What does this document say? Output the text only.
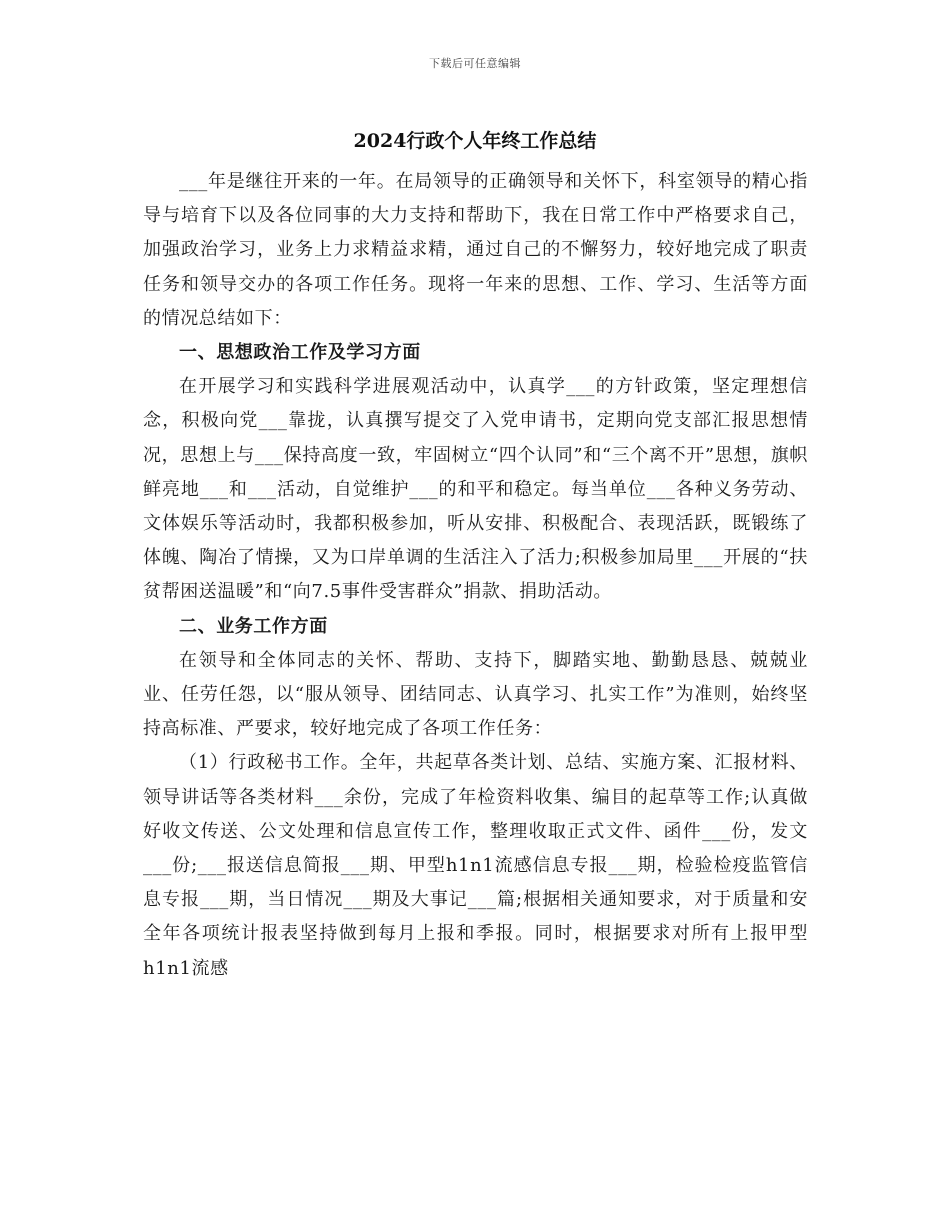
下载后可任意编辑
2024行政个人年终工作总结

___年是继往开来的一年。在局领导的正确领导和关怀下，科室领导的精心指导与培育下以及各位同事的大力支持和帮助下，我在日常工作中严格要求自己，加强政治学习，业务上力求精益求精，通过自己的不懈努力，较好地完成了职责任务和领导交办的各项工作任务。现将一年来的思想、工作、学习、生活等方面的情况总结如下：

一、思想政治工作及学习方面

在开展学习和实践科学进展观活动中，认真学___的方针政策，坚定理想信念，积极向党___靠拢，认真撰写提交了入党申请书，定期向党支部汇报思想情况，思想上与___保持高度一致，牢固树立“四个认同”和“三个离不开”思想，旗帜鲜亮地___和___活动，自觉维护___的和平和稳定。每当单位___各种义务劳动、文体娱乐等活动时，我都积极参加，听从安排、积极配合、表现活跃，既锻练了体魄、陶冶了情操，又为口岸单调的生活注入了活力;积极参加局里___开展的“扶贫帮困送温暖”和“向7.5事件受害群众”捐款、捐助活动。

二、业务工作方面

在领导和全体同志的关怀、帮助、支持下，脚踏实地、勤勤恳恳、兢兢业业、任劳任怨，以“服从领导、团结同志、认真学习、扎实工作”为准则，始终坚持高标准、严要求，较好地完成了各项工作任务：

（1）行政秘书工作。全年，共起草各类计划、总结、实施方案、汇报材料、领导讲话等各类材料___余份，完成了年检资料收集、编目的起草等工作;认真做好收文传送、公文处理和信息宣传工作，整理收取正式文件、函件___份，发文___份;___报送信息简报___期、甲型h1n1流感信息专报___期，检验检疫监管信息专报___期，当日情况___期及大事记___篇;根据相关通知要求，对于质量和安全年各项统计报表坚持做到每月上报和季报。同时，根据要求对所有上报甲型h1n1流感
